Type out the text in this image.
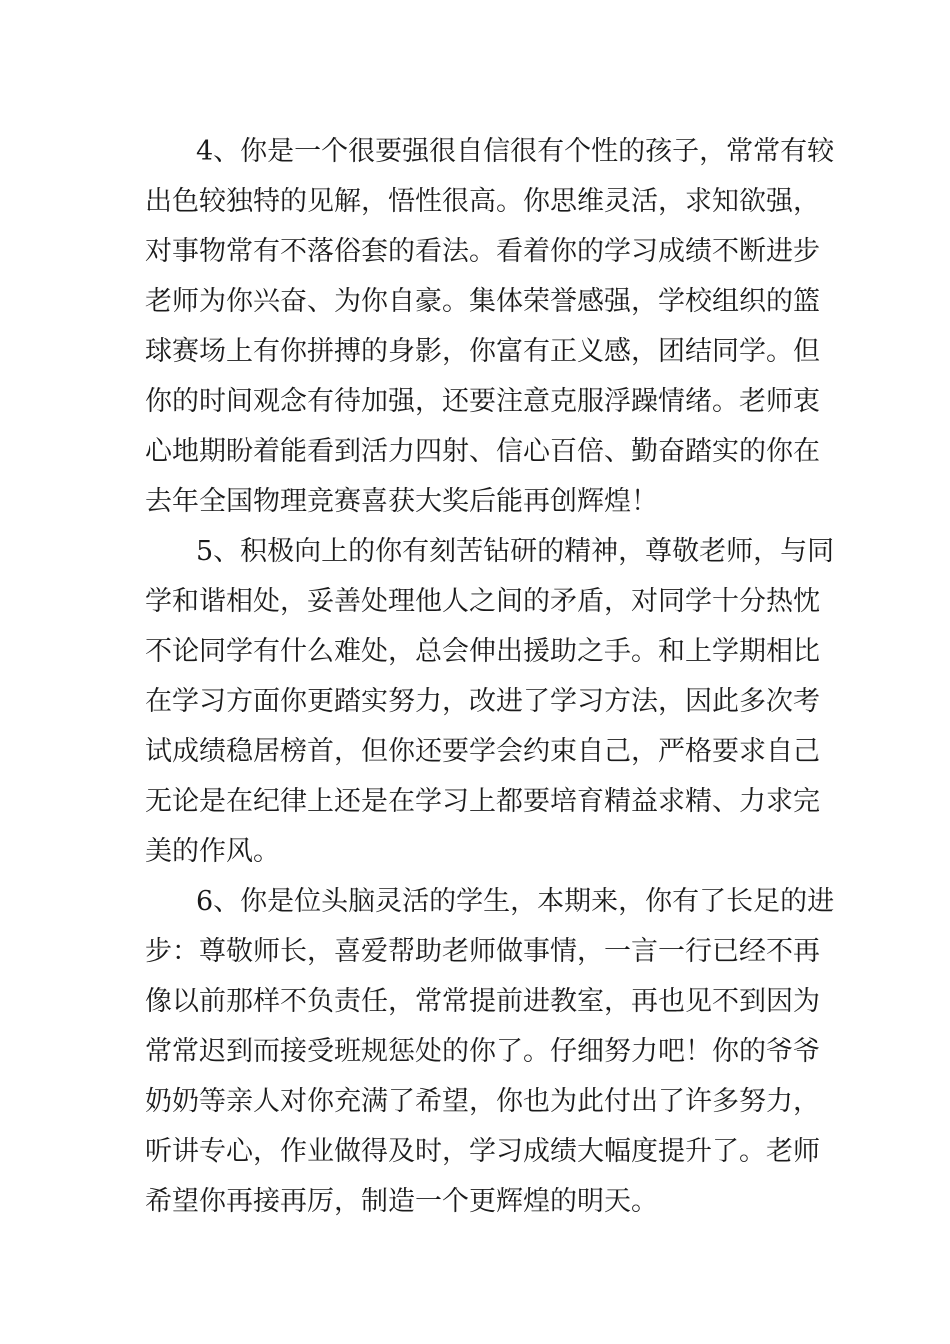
4、你是一个很要强很自信很有个性的孩子，常常有较
出色较独特的见解，悟性很高。你思维灵活，求知欲强，
对事物常有不落俗套的看法。看着你的学习成绩不断进步
老师为你兴奋、为你自豪。集体荣誉感强，学校组织的篮
球赛场上有你拼搏的身影，你富有正义感，团结同学。但
你的时间观念有待加强，还要注意克服浮躁情绪。老师衷
心地期盼着能看到活力四射、信心百倍、勤奋踏实的你在
去年全国物理竞赛喜获大奖后能再创辉煌！
5、积极向上的你有刻苦钻研的精神，尊敬老师，与同
学和谐相处，妥善处理他人之间的矛盾，对同学十分热忱
不论同学有什么难处，总会伸出援助之手。和上学期相比
在学习方面你更踏实努力，改进了学习方法，因此多次考
试成绩稳居榜首，但你还要学会约束自己，严格要求自己
无论是在纪律上还是在学习上都要培育精益求精、力求完
美的作风。
6、你是位头脑灵活的学生，本期来，你有了长足的进
步：尊敬师长，喜爱帮助老师做事情，一言一行已经不再
像以前那样不负责任，常常提前进教室，再也见不到因为
常常迟到而接受班规惩处的你了。仔细努力吧！你的爷爷
奶奶等亲人对你充满了希望，你也为此付出了许多努力，
听讲专心，作业做得及时，学习成绩大幅度提升了。老师
希望你再接再厉，制造一个更辉煌的明天。
